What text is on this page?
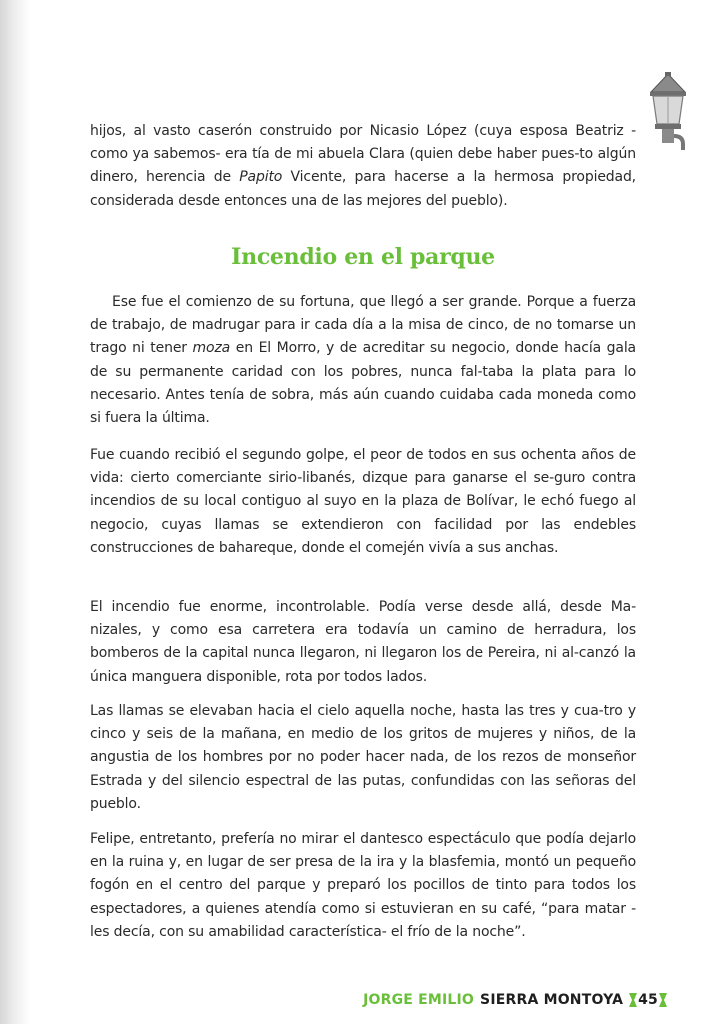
hijos, al vasto caserón construido por Nicasio López (cuya esposa Beatriz -como ya sabemos- era tía de mi abuela Clara (quien debe haber pues-to algún dinero, herencia de Papito Vicente, para hacerse a la hermosa propiedad, considerada desde entonces una de las mejores del pueblo).

Incendio en el parque

Ese fue el comienzo de su fortuna, que llegó a ser grande. Porque a fuerza de trabajo, de madrugar para ir cada día a la misa de cinco, de no tomarse un trago ni tener moza en El Morro, y de acreditar su negocio, donde hacía gala de su permanente caridad con los pobres, nunca fal-taba la plata para lo necesario. Antes tenía de sobra, más aún cuando cuidaba cada moneda como si fuera la última.

Fue cuando recibió el segundo golpe, el peor de todos en sus ochenta años de vida: cierto comerciante sirio-libanés, dizque para ganarse el se-guro contra incendios de su local contiguo al suyo en la plaza de Bolívar, le echó fuego al negocio, cuyas llamas se extendieron con facilidad por las endebles construcciones de bahareque, donde el comején vivía a sus anchas.

El incendio fue enorme, incontrolable. Podía verse desde allá, desde Ma-nizales, y como esa carretera era todavía un camino de herradura, los bomberos de la capital nunca llegaron, ni llegaron los de Pereira, ni al-canzó la única manguera disponible, rota por todos lados.

Las llamas se elevaban hacia el cielo aquella noche, hasta las tres y cua-tro y cinco y seis de la mañana, en medio de los gritos de mujeres y niños, de la angustia de los hombres por no poder hacer nada, de los rezos de monseñor Estrada y del silencio espectral de las putas, confundidas con las señoras del pueblo.

Felipe, entretanto, prefería no mirar el dantesco espectáculo que podía dejarlo en la ruina y, en lugar de ser presa de la ira y la blasfemia, montó un pequeño fogón en el centro del parque y preparó los pocillos de tinto para todos los espectadores, a quienes atendía como si estuvieran en su café, “para matar -les decía, con su amabilidad característica- el frío de la noche”.

JORGE EMILIO SIERRA MONTOYA 45
